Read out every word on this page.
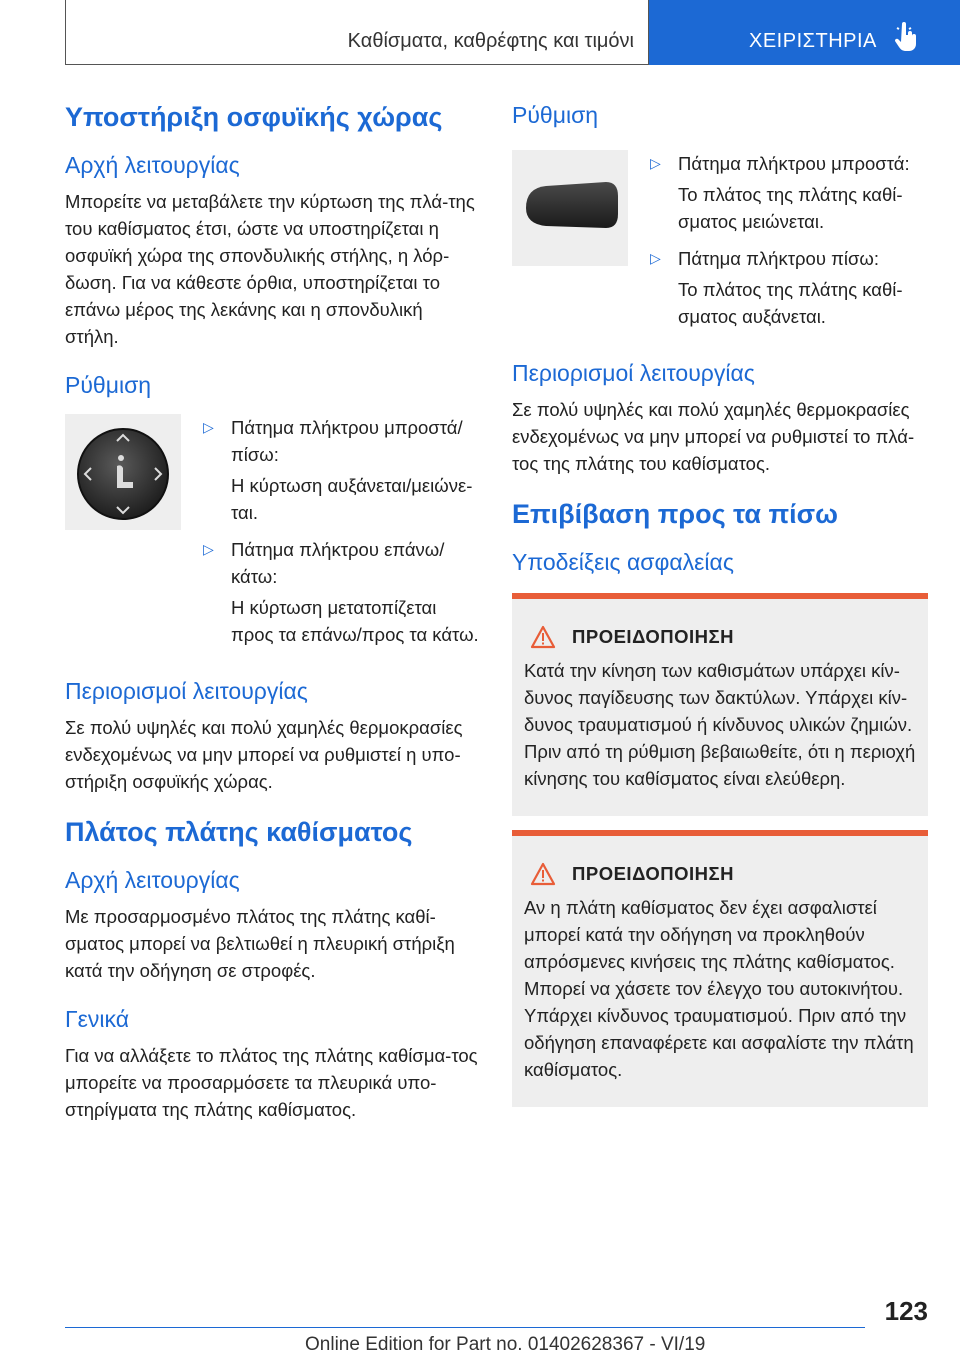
Καθίσματα, καθρέφτης και τιμόνι	ΧΕΙΡΙΣΤΗΡΙΑ
Υποστήριξη οσφυϊκής χώρας
Αρχή λειτουργίας
Μπορείτε να μεταβάλετε την κύρτωση της πλά-της του καθίσματος έτσι, ώστε να υποστηρίζεται η οσφυϊκή χώρα της σπονδυλικής στήλης, η λόρ-δωση. Για να κάθεστε όρθια, υποστηρίζεται το επάνω μέρος της λεκάνης και η σπονδυλική στήλη.
Ρύθμιση
▷ Πάτημα πλήκτρου μπροστά/πίσω:
Η κύρτωση αυξάνεται/μειώνε-ται.
▷ Πάτημα πλήκτρου επάνω/κάτω:
Η κύρτωση μετατοπίζεται προς τα επάνω/προς τα κάτω.
Περιορισμοί λειτουργίας
Σε πολύ υψηλές και πολύ χαμηλές θερμοκρασίες ενδεχομένως να μην μπορεί να ρυθμιστεί η υπο-στήριξη οσφυϊκής χώρας.
Πλάτος πλάτης καθίσματος
Αρχή λειτουργίας
Με προσαρμοσμένο πλάτος της πλάτης καθί-σματος μπορεί να βελτιωθεί η πλευρική στήριξη κατά την οδήγηση σε στροφές.
Γενικά
Για να αλλάξετε το πλάτος της πλάτης καθίσμα-τος μπορείτε να προσαρμόσετε τα πλευρικά υπο-στηρίγματα της πλάτης καθίσματος.
Ρύθμιση
▷ Πάτημα πλήκτρου μπροστά:
Το πλάτος της πλάτης καθί-σματος μειώνεται.
▷ Πάτημα πλήκτρου πίσω:
Το πλάτος της πλάτης καθί-σματος αυξάνεται.
Περιορισμοί λειτουργίας
Σε πολύ υψηλές και πολύ χαμηλές θερμοκρασίες ενδεχομένως να μην μπορεί να ρυθμιστεί το πλά-τος της πλάτης του καθίσματος.
Επιβίβαση προς τα πίσω
Υποδείξεις ασφαλείας
ΠΡΟΕΙΔΟΠΟΙΗΣΗ
Κατά την κίνηση των καθισμάτων υπάρχει κίν-δυνος παγίδευσης των δακτύλων. Υπάρχει κίν-δυνος τραυματισμού ή κίνδυνος υλικών ζημιών. Πριν από τη ρύθμιση βεβαιωθείτε, ότι η περιοχή κίνησης του καθίσματος είναι ελεύθερη.
ΠΡΟΕΙΔΟΠΟΙΗΣΗ
Αν η πλάτη καθίσματος δεν έχει ασφαλιστεί μπορεί κατά την οδήγηση να προκληθούν απρόσμενες κινήσεις της πλάτης καθίσματος. Μπορεί να χάσετε τον έλεγχο του αυτοκινήτου. Υπάρχει κίνδυνος τραυματισμού. Πριν από την οδήγηση επαναφέρετε και ασφαλίστε την πλάτη καθίσματος.
123
Online Edition for Part no. 01402628367 - VI/19
